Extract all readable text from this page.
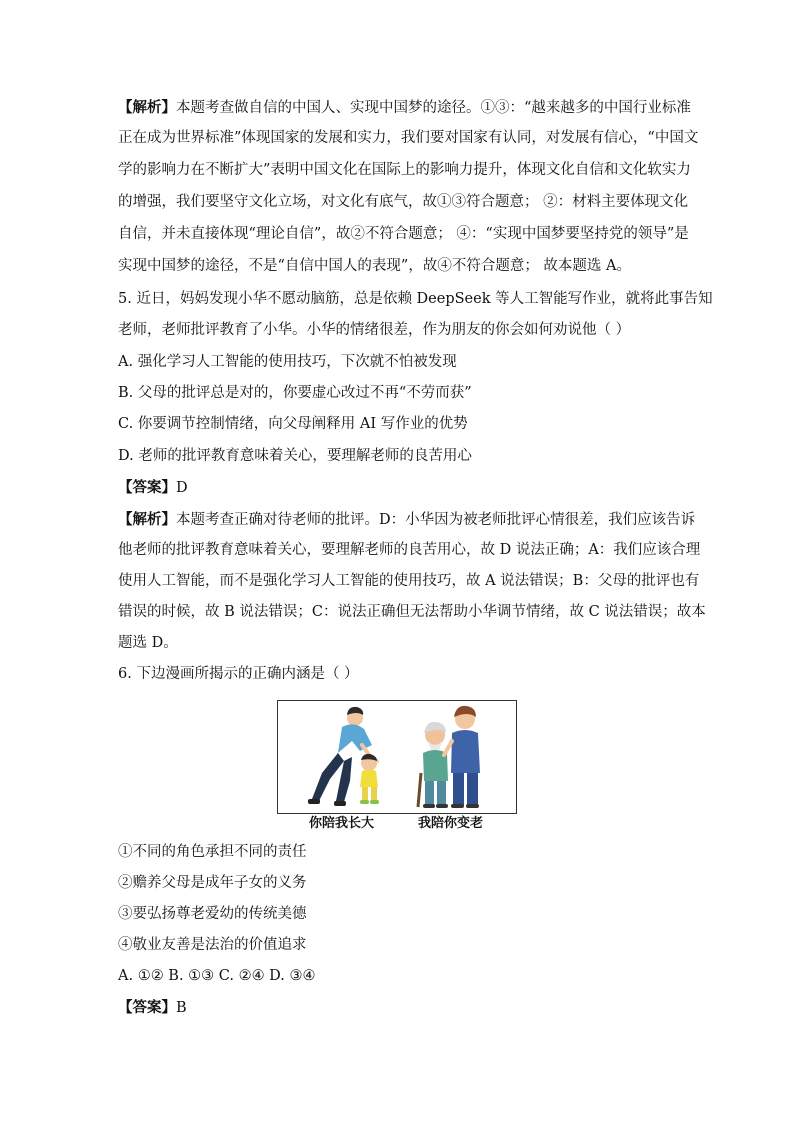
【解析】本题考查做自信的中国人、实现中国梦的途径。①③：“越来越多的中国行业标准
正在成为世界标准”体现国家的发展和实力，我们要对国家有认同，对发展有信心，“中国文
学的影响力在不断扩大”表明中国文化在国际上的影响力提升，体现文化自信和文化软实力
的增强，我们要坚守文化立场，对文化有底气，故①③符合题意； ②：材料主要体现文化
自信，并未直接体现“理论自信”，故②不符合题意； ④：“实现中国梦要坚持党的领导”是
实现中国梦的途径，不是“自信中国人的表现”，故④不符合题意； 故本题选 A。
5. 近日，妈妈发现小华不愿动脑筋，总是依赖 DeepSeek 等人工智能写作业，就将此事告知
老师，老师批评教育了小华。小华的情绪很差，作为朋友的你会如何劝说他（ ）
A. 强化学习人工智能的使用技巧，下次就不怕被发现
B. 父母的批评总是对的，你要虚心改过不再“不劳而获”
C. 你要调节控制情绪，向父母阐释用 AI 写作业的优势
D. 老师的批评教育意味着关心，要理解老师的良苦用心
【答案】D
【解析】本题考查正确对待老师的批评。D：小华因为被老师批评心情很差，我们应该告诉
他老师的批评教育意味着关心，要理解老师的良苦用心，故 D 说法正确；A：我们应该合理
使用人工智能，而不是强化学习人工智能的使用技巧，故 A 说法错误；B：父母的批评也有
错误的时候，故 B 说法错误；C：说法正确但无法帮助小华调节情绪，故 C 说法错误；故本
题选 D。
6. 下边漫画所揭示的正确内涵是（ ）
①不同的角色承担不同的责任
②赡养父母是成年子女的义务
③要弘扬尊老爱幼的传统美德
④敬业友善是法治的价值追求
A. ①② B. ①③ C. ②④ D. ③④
【答案】B
你陪我长大	我陪你变老
